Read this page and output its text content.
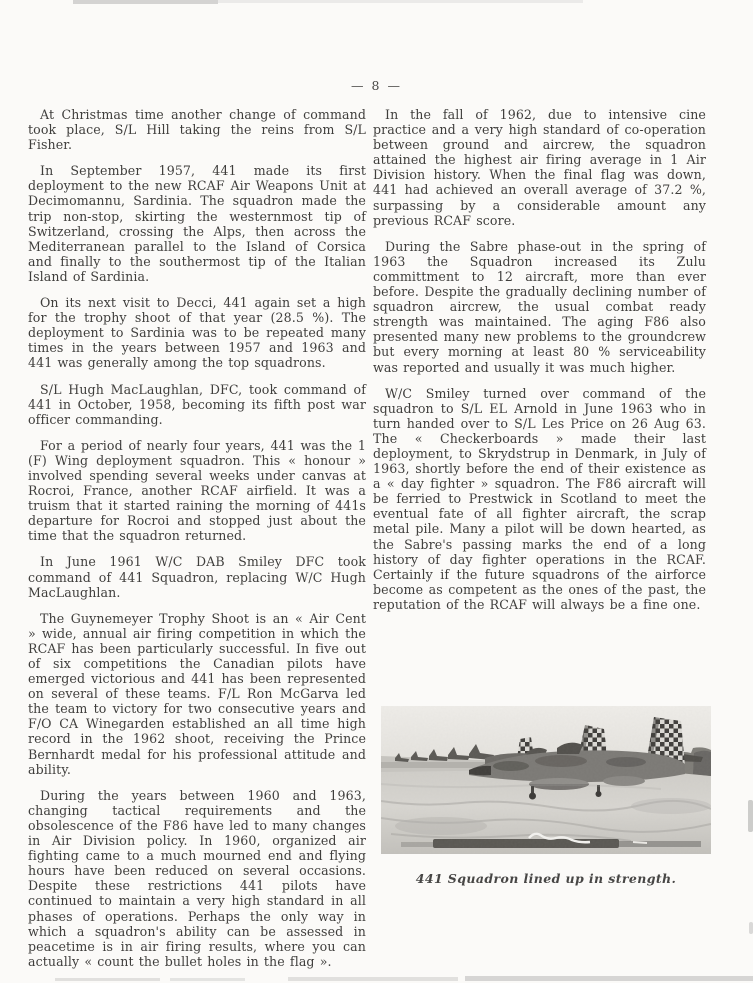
— 8 —

At Christmas time another change of command took place, S/L Hill taking the reins from S/L Fisher.

In September 1957, 441 made its first deployment to the new RCAF Air Weapons Unit at Decimomannu, Sardinia. The squadron made the trip non-stop, skirting the westernmost tip of Switzerland, crossing the Alps, then across the Mediterranean parallel to the Island of Corsica and finally to the southermost tip of the Italian Island of Sardinia.

On its next visit to Decci, 441 again set a high for the trophy shoot of that year (28.5 %). The deployment to Sardinia was to be repeated many times in the years between 1957 and 1963 and 441 was generally among the top squadrons.

S/L Hugh MacLaughlan, DFC, took command of 441 in October, 1958, becoming its fifth post war officer commanding.

For a period of nearly four years, 441 was the 1 (F) Wing deployment squadron. This « honour » involved spending several weeks under canvas at Rocroi, France, another RCAF airfield. It was a truism that it started raining the morning of 441s departure for Rocroi and stopped just about the time that the squadron returned.

In June 1961 W/C DAB Smiley DFC took command of 441 Squadron, replacing W/C Hugh MacLaughlan.

The Guynemeyer Trophy Shoot is an « Air Cent » wide, annual air firing competition in which the RCAF has been particularly successful. In five out of six competitions the Canadian pilots have emerged victorious and 441 has been represented on several of these teams. F/L Ron McGarva led the team to victory for two consecutive years and F/O CA Winegarden established an all time high record in the 1962 shoot, receiving the Prince Bernhardt medal for his professional attitude and ability.

During the years between 1960 and 1963, changing tactical requirements and the obsolescence of the F86 have led to many changes in Air Division policy. In 1960, organized air fighting came to a much mourned end and flying hours have been reduced on several occasions. Despite these restrictions 441 pilots have continued to maintain a very high standard in all phases of operations. Perhaps the only way in which a squadron's ability can be assessed in peacetime is in air firing results, where you can actually « count the bullet holes in the flag ».

In the fall of 1962, due to intensive cine practice and a very high standard of co-operation between ground and aircrew, the squadron attained the highest air firing average in 1 Air Division history. When the final flag was down, 441 had achieved an overall average of 37.2 %, surpassing by a considerable amount any previous RCAF score.

During the Sabre phase-out in the spring of 1963 the Squadron increased its Zulu committment to 12 aircraft, more than ever before. Despite the gradually declining number of squadron aircrew, the usual combat ready strength was maintained. The aging F86 also presented many new problems to the groundcrew but every morning at least 80 % serviceability was reported and usually it was much higher.

W/C Smiley turned over command of the squadron to S/L EL Arnold in June 1963 who in turn handed over to S/L Les Price on 26 Aug 63. The « Checkerboards » made their last deployment, to Skrydstrup in Denmark, in July of 1963, shortly before the end of their existence as a « day fighter » squadron. The F86 aircraft will be ferried to Prestwick in Scotland to meet the eventual fate of all fighter aircraft, the scrap metal pile. Many a pilot will be down hearted, as the Sabre's passing marks the end of a long history of day fighter operations in the RCAF. Certainly if the future squadrons of the airforce become as competent as the ones of the past, the reputation of the RCAF will always be a fine one.

441 Squadron lined up in strength.
